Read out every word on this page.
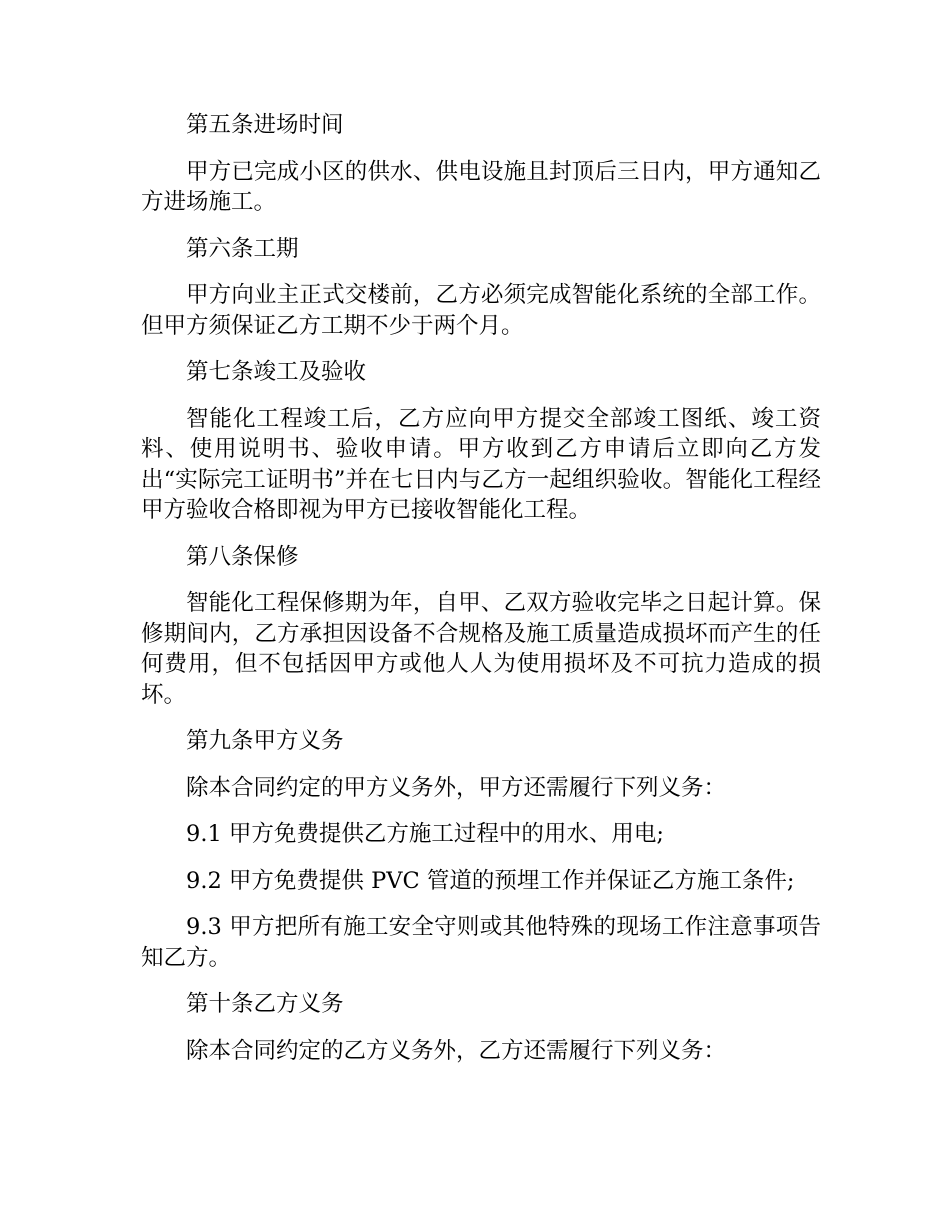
第五条进场时间
甲方已完成小区的供水、供电设施且封顶后三日内，甲方通知乙方进场施工。
第六条工期
甲方向业主正式交楼前，乙方必须完成智能化系统的全部工作。但甲方须保证乙方工期不少于两个月。
第七条竣工及验收
智能化工程竣工后，乙方应向甲方提交全部竣工图纸、竣工资料、使用说明书、验收申请。甲方收到乙方申请后立即向乙方发出“实际完工证明书”并在七日内与乙方一起组织验收。智能化工程经甲方验收合格即视为甲方已接收智能化工程。
第八条保修
智能化工程保修期为年，自甲、乙双方验收完毕之日起计算。保修期间内，乙方承担因设备不合规格及施工质量造成损坏而产生的任何费用，但不包括因甲方或他人人为使用损坏及不可抗力造成的损坏。
第九条甲方义务
除本合同约定的甲方义务外，甲方还需履行下列义务：
9.1 甲方免费提供乙方施工过程中的用水、用电;
9.2 甲方免费提供 PVC 管道的预埋工作并保证乙方施工条件;
9.3 甲方把所有施工安全守则或其他特殊的现场工作注意事项告知乙方。
第十条乙方义务
除本合同约定的乙方义务外，乙方还需履行下列义务：
